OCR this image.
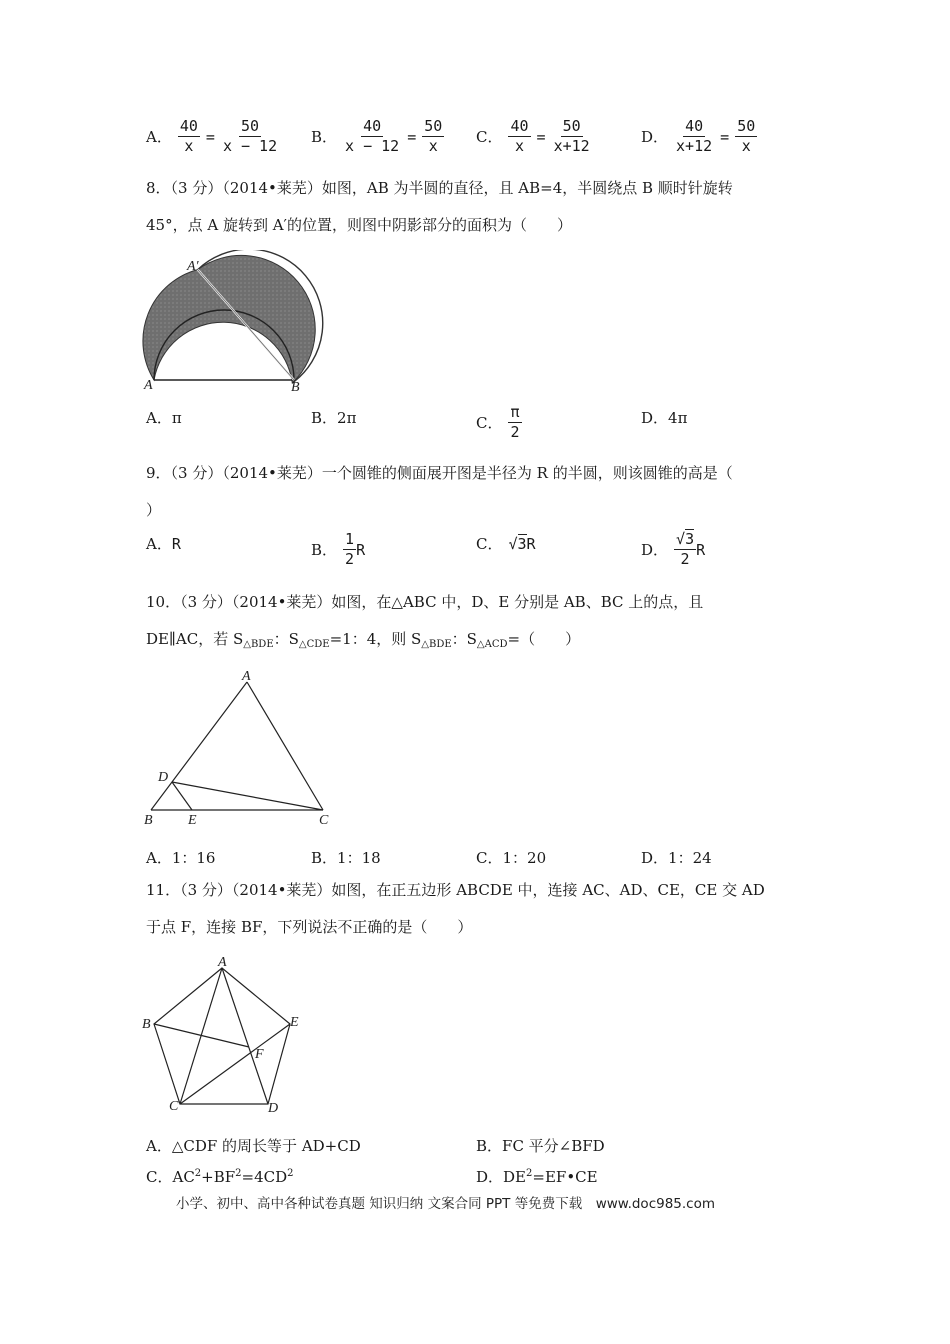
A． $\frac{40}{x} = \frac{50}{x - 12}$ B． $\frac{40}{x - 12} = \frac{50}{x}$ C． $\frac{40}{x} = \frac{50}{x+12}$	D． $\frac{40}{x+12} = \frac{50}{x}$
8．（3 分）（2014•莱芜）如图，AB 为半圆的直径，且 AB=4，半圆绕点 B 顺时针旋转
45°，点 A 旋转到 A′的位置，则图中阴影部分的面积为（　　）
A′
A	B
A．π	B．2π	C． $\frac{\pi}{2}$	D．4π
9．（3 分）（2014•莱芜）一个圆锥的侧面展开图是半径为 R 的半圆，则该圆锥的高是（
）
A．R	B． $\frac{1}{2}$ R	C． √3R	D． $\frac{√3}{2}$ R
10．（3 分）（2014•莱芜）如图，在△ABC 中，D、E 分别是 AB、BC 上的点，且
DE∥AC，若 $S_{\triangle BDE}$：$S_{\triangle CDE}=1$：4，则 $S_{\triangle BDE}$：$S_{\triangle ACD}=$（　　）
A
D
B	E	C
A．1：16	B．1：18	C．1：20	D．1：24
11．（3 分）（2014•莱芜）如图，在正五边形 ABCDE 中，连接 AC、AD、CE，CE 交 AD
于点 F，连接 BF，下列说法不正确的是（　　）
A
B	E
F
C	D
A．△CDF 的周长等于 AD+CD	B．FC 平分∠BFD
C．$AC^2+BF^2=4CD^2$	D．$DE^2=EF•CE$
小学、初中、高中各种试卷真题 知识归纳 文案合同 PPT 等免费下载　www.doc985.com
